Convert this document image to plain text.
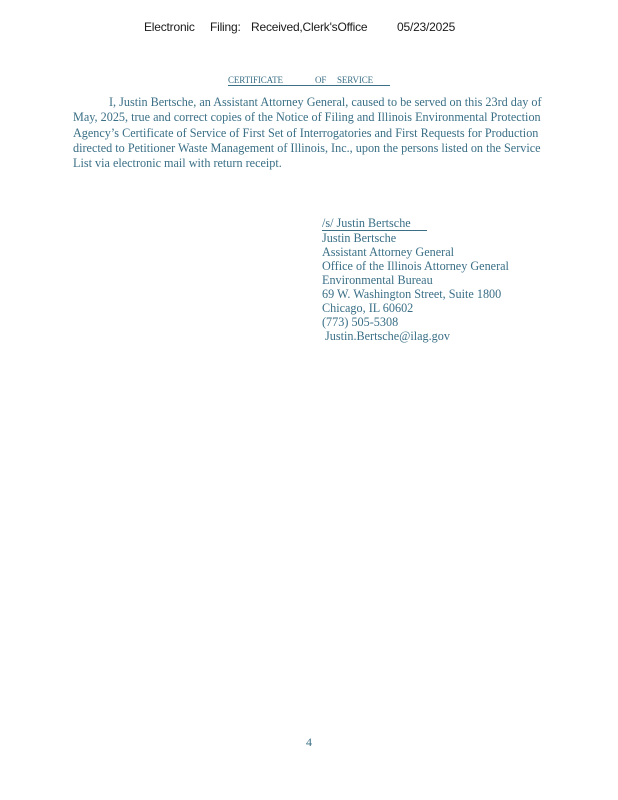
Electronic Filing: Received,Clerk'sOffice 05/23/2025
CERTIFICATE	OF SERVICE
I, Justin Bertsche, an Assistant Attorney General, caused to be served on this 23rd day of
May, 2025, true and correct copies of the Notice of Filing and Illinois Environmental Protection
Agency’s Certificate of Service of First Set of Interrogatories and First Requests for Production
directed to Petitioner Waste Management of Illinois, Inc., upon the persons listed on the Service
List via electronic mail with return receipt.
/s/ Justin Bertsche
Justin Bertsche
Assistant Attorney General
Office of the Illinois Attorney General
Environmental Bureau
69 W. Washington Street, Suite 1800
Chicago, IL 60602
(773) 505-5308
Justin.Bertsche@ilag.gov
4
